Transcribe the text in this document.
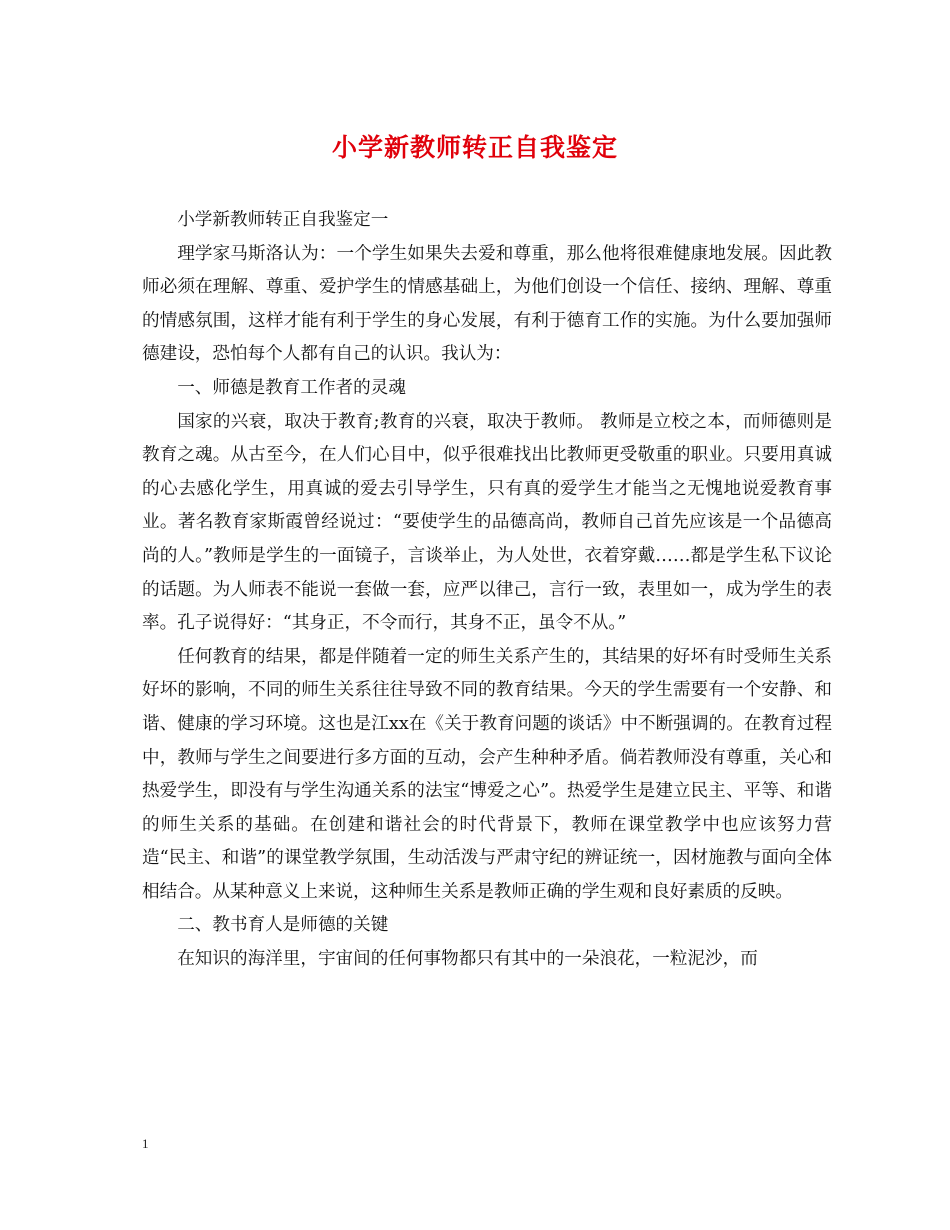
小学新教师转正自我鉴定

小学新教师转正自我鉴定一

理学家马斯洛认为：一个学生如果失去爱和尊重，那么他将很难健康地发展。因此教师必须在理解、尊重、爱护学生的情感基础上，为他们创设一个信任、接纳、理解、尊重的情感氛围，这样才能有利于学生的身心发展，有利于德育工作的实施。为什么要加强师德建设，恐怕每个人都有自己的认识。我认为：

一、师德是教育工作者的灵魂

国家的兴衰，取决于教育;教育的兴衰，取决于教师。 教师是立校之本，而师德则是教育之魂。从古至今，在人们心目中，似乎很难找出比教师更受敬重的职业。只要用真诚的心去感化学生，用真诚的爱去引导学生，只有真的爱学生才能当之无愧地说爱教育事业。著名教育家斯霞曾经说过：“要使学生的品德高尚，教师自己首先应该是一个品德高尚的人。”教师是学生的一面镜子，言谈举止，为人处世，衣着穿戴……都是学生私下议论的话题。为人师表不能说一套做一套，应严以律己，言行一致，表里如一，成为学生的表率。孔子说得好：“其身正，不令而行，其身不正，虽令不从。”

任何教育的结果，都是伴随着一定的师生关系产生的，其结果的好坏有时受师生关系好坏的影响，不同的师生关系往往导致不同的教育结果。今天的学生需要有一个安静、和谐、健康的学习环境。这也是江xx在《关于教育问题的谈话》中不断强调的。在教育过程中，教师与学生之间要进行多方面的互动，会产生种种矛盾。倘若教师没有尊重，关心和热爱学生，即没有与学生沟通关系的法宝“博爱之心”。热爱学生是建立民主、平等、和谐的师生关系的基础。在创建和谐社会的时代背景下，教师在课堂教学中也应该努力营造“民主、和谐”的课堂教学氛围，生动活泼与严肃守纪的辨证统一，因材施教与面向全体相结合。从某种意义上来说，这种师生关系是教师正确的学生观和良好素质的反映。

二、教书育人是师德的关键

在知识的海洋里，宇宙间的任何事物都只有其中的一朵浪花，一粒泥沙，而

1
